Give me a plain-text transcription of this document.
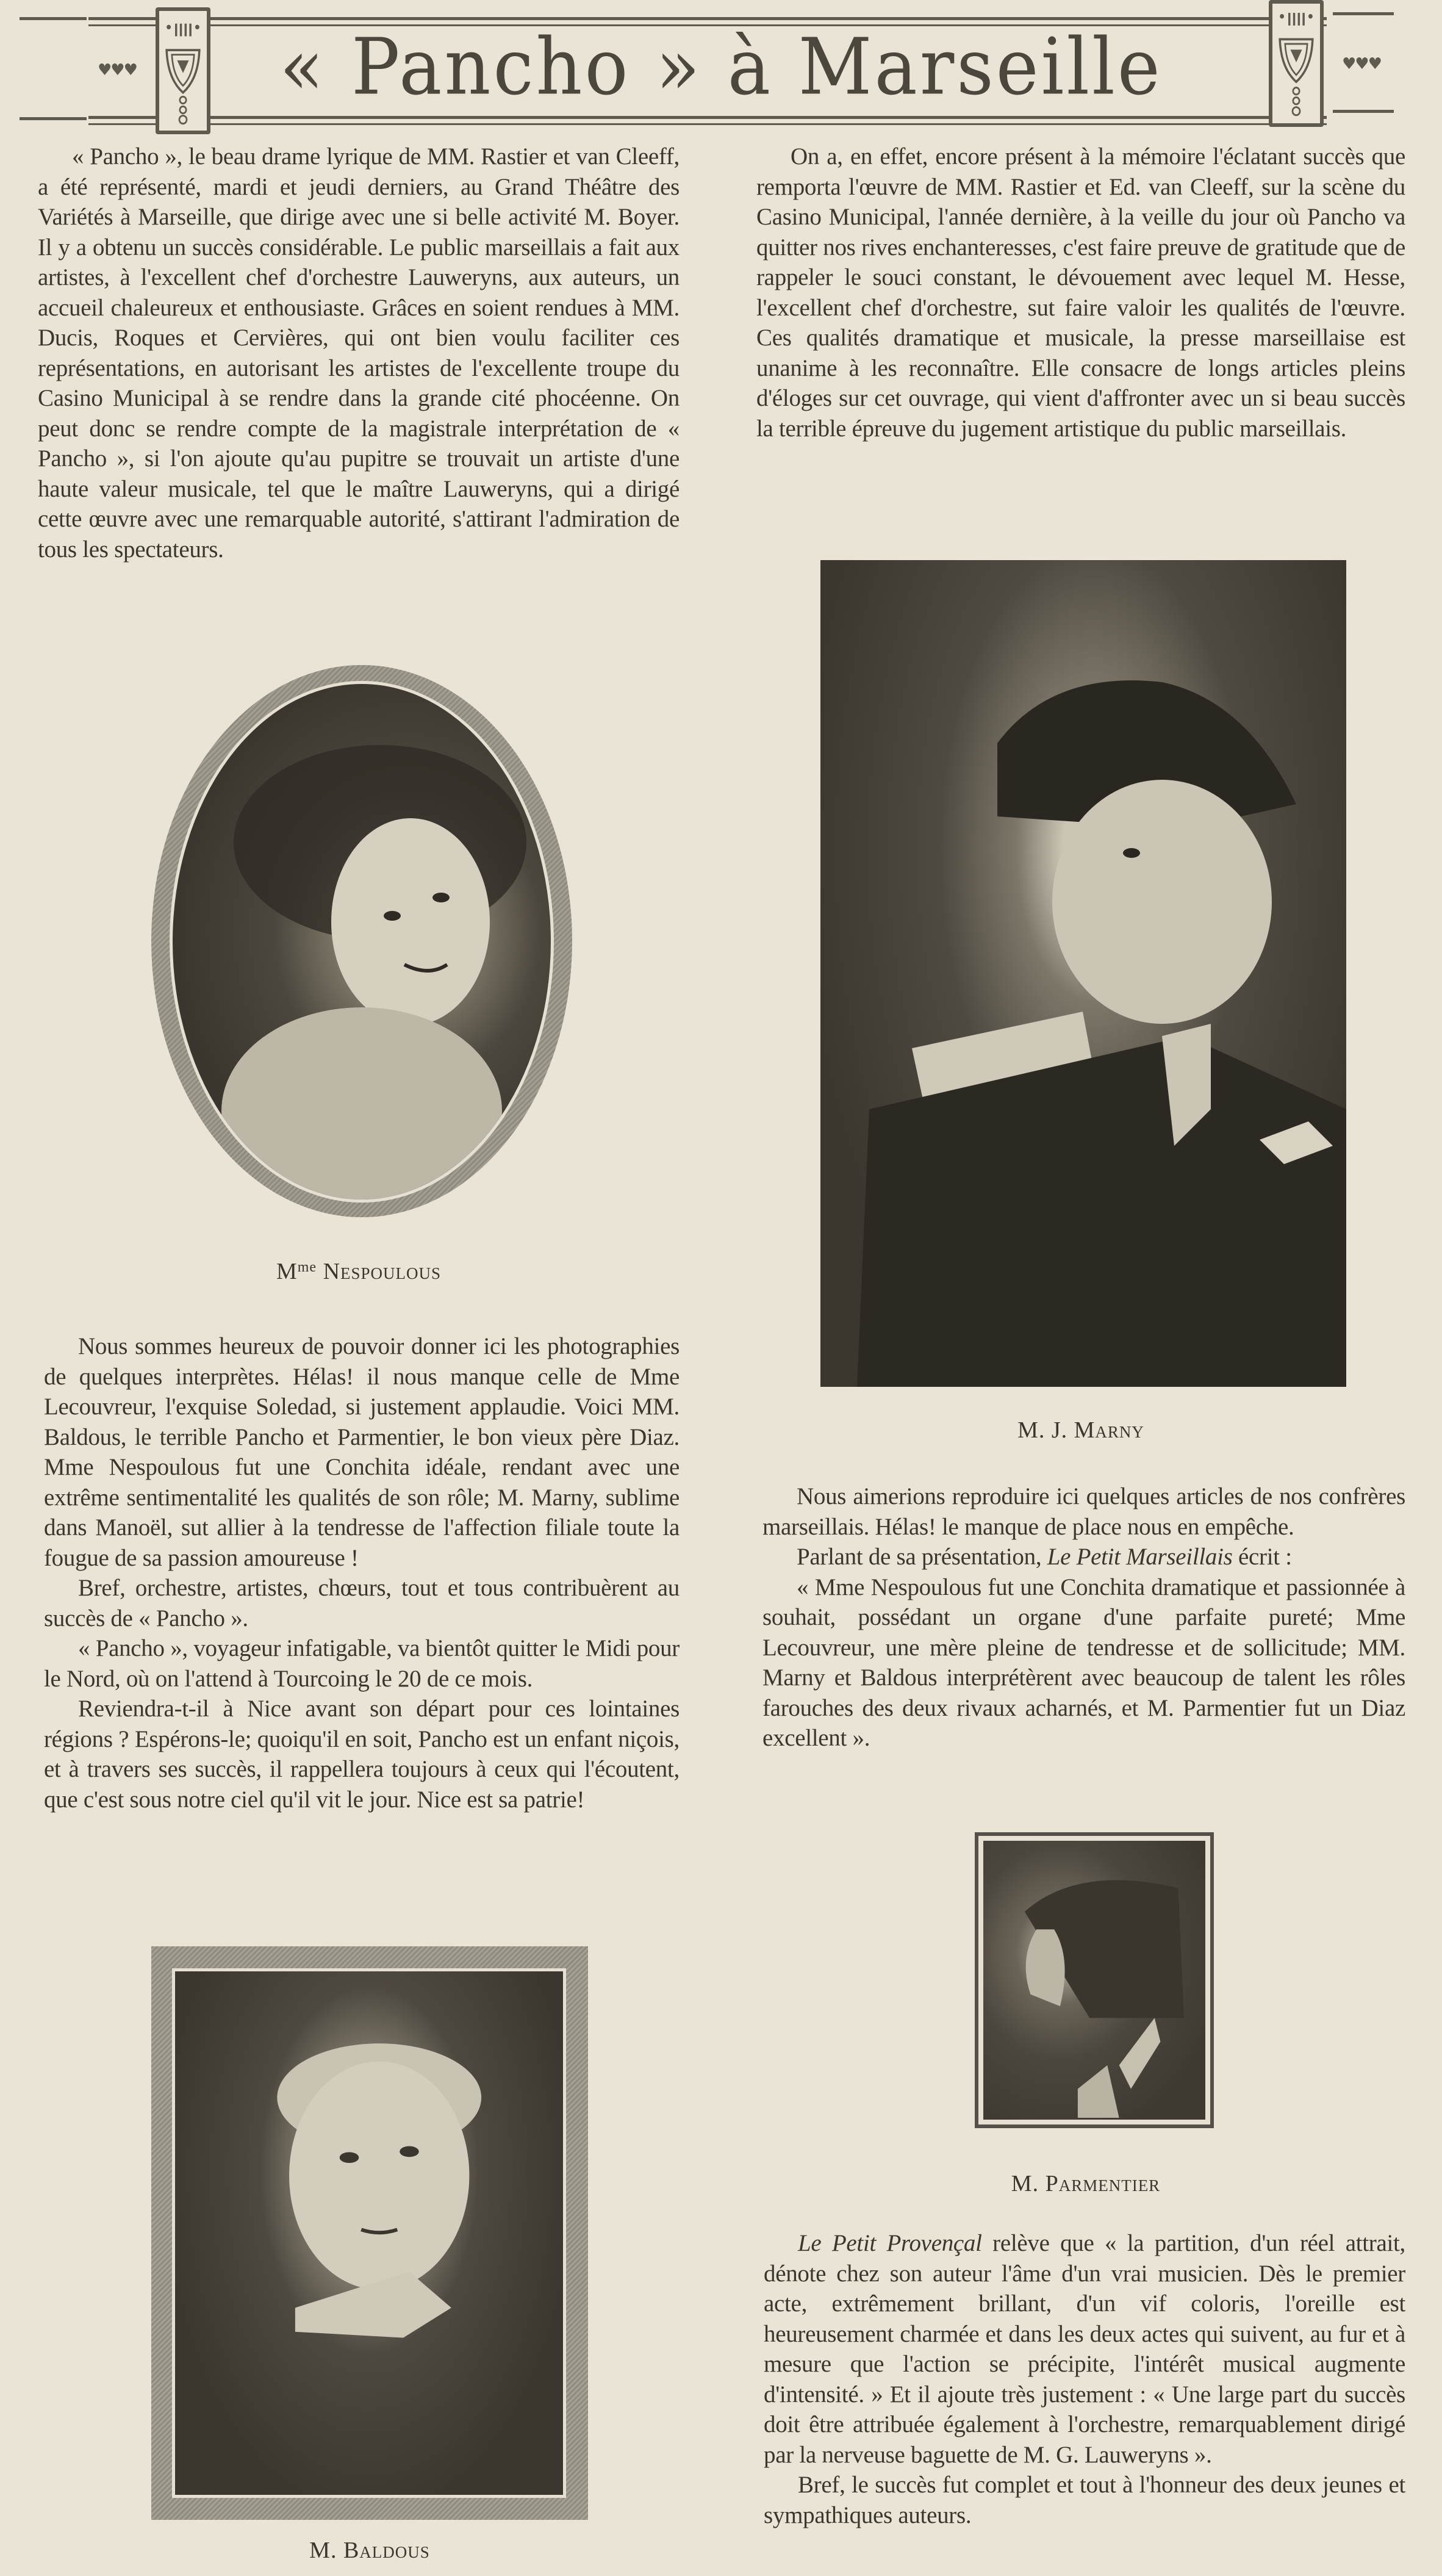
♥♥♥	« Pancho » à Marseille	♥♥♥

« Pancho », le beau drame lyrique de MM. Rastier et van Cleeff, a été représenté, mardi et jeudi derniers, au Grand Théâtre des Variétés à Marseille, que dirige avec une si belle activité M. Boyer. Il y a obtenu un succès considérable. Le public marseillais a fait aux artistes, à l'excellent chef d'orchestre Lauweryns, aux auteurs, un accueil chaleureux et enthousiaste. Grâces en soient rendues à MM. Ducis, Roques et Cervières, qui ont bien voulu faciliter ces représentations, en autorisant les artistes de l'excellente troupe du Casino Municipal à se rendre dans la grande cité phocéenne. On peut donc se rendre compte de la magistrale interprétation de « Pancho », si l'on ajoute qu'au pupitre se trouvait un artiste d'une haute valeur musicale, tel que le maître Lauweryns, qui a dirigé cette œuvre avec une remarquable autorité, s'attirant l'admiration de tous les spectateurs.

$M^{me}$ Nespoulous

Nous sommes heureux de pouvoir donner ici les photographies de quelques interprètes. Hélas! il nous manque celle de Mme Lecouvreur, l'exquise Soledad, si justement applaudie. Voici MM. Baldous, le terrible Pancho et Parmentier, le bon vieux père Diaz. Mme Nespoulous fut une Conchita idéale, rendant avec une extrême sentimentalité les qualités de son rôle; M. Marny, sublime dans Manoël, sut allier à la tendresse de l'affection filiale toute la fougue de sa passion amoureuse !

Bref, orchestre, artistes, chœurs, tout et tous contribuèrent au succès de « Pancho ».

« Pancho », voyageur infatigable, va bientôt quitter le Midi pour le Nord, où on l'attend à Tourcoing le 20 de ce mois.

Reviendra-t-il à Nice avant son départ pour ces lointaines régions ? Espérons-le; quoiqu'il en soit, Pancho est un enfant niçois, et à travers ses succès, il rappellera toujours à ceux qui l'écoutent, que c'est sous notre ciel qu'il vit le jour. Nice est sa patrie!

M. Baldous

On a, en effet, encore présent à la mémoire l'éclatant succès que remporta l'œuvre de MM. Rastier et Ed. van Cleeff, sur la scène du Casino Municipal, l'année dernière, à la veille du jour où Pancho va quitter nos rives enchanteresses, c'est faire preuve de gratitude que de rappeler le souci constant, le dévouement avec lequel M. Hesse, l'excellent chef d'orchestre, sut faire valoir les qualités de l'œuvre. Ces qualités dramatique et musicale, la presse marseillaise est unanime à les reconnaître. Elle consacre de longs articles pleins d'éloges sur cet ouvrage, qui vient d'affronter avec un si beau succès la terrible épreuve du jugement artistique du public marseillais.

M. J. Marny

Nous aimerions reproduire ici quelques articles de nos confrères marseillais. Hélas! le manque de place nous en empêche.

Parlant de sa présentation, Le Petit Marseillais écrit :

« Mme Nespoulous fut une Conchita dramatique et passionnée à souhait, possédant un organe d'une parfaite pureté; Mme Lecouvreur, une mère pleine de tendresse et de sollicitude; MM. Marny et Baldous interprétèrent avec beaucoup de talent les rôles farouches des deux rivaux acharnés, et M. Parmentier fut un Diaz excellent ».

M. Parmentier

Le Petit Provençal relève que « la partition, d'un réel attrait, dénote chez son auteur l'âme d'un vrai musicien. Dès le premier acte, extrêmement brillant, d'un vif coloris, l'oreille est heureusement charmée et dans les deux actes qui suivent, au fur et à mesure que l'action se précipite, l'intérêt musical augmente d'intensité. » Et il ajoute très justement : « Une large part du succès doit être attribuée également à l'orchestre, remarquablement dirigé par la nerveuse baguette de M. G. Lauweryns ».

Bref, le succès fut complet et tout à l'honneur des deux jeunes et sympathiques auteurs.
